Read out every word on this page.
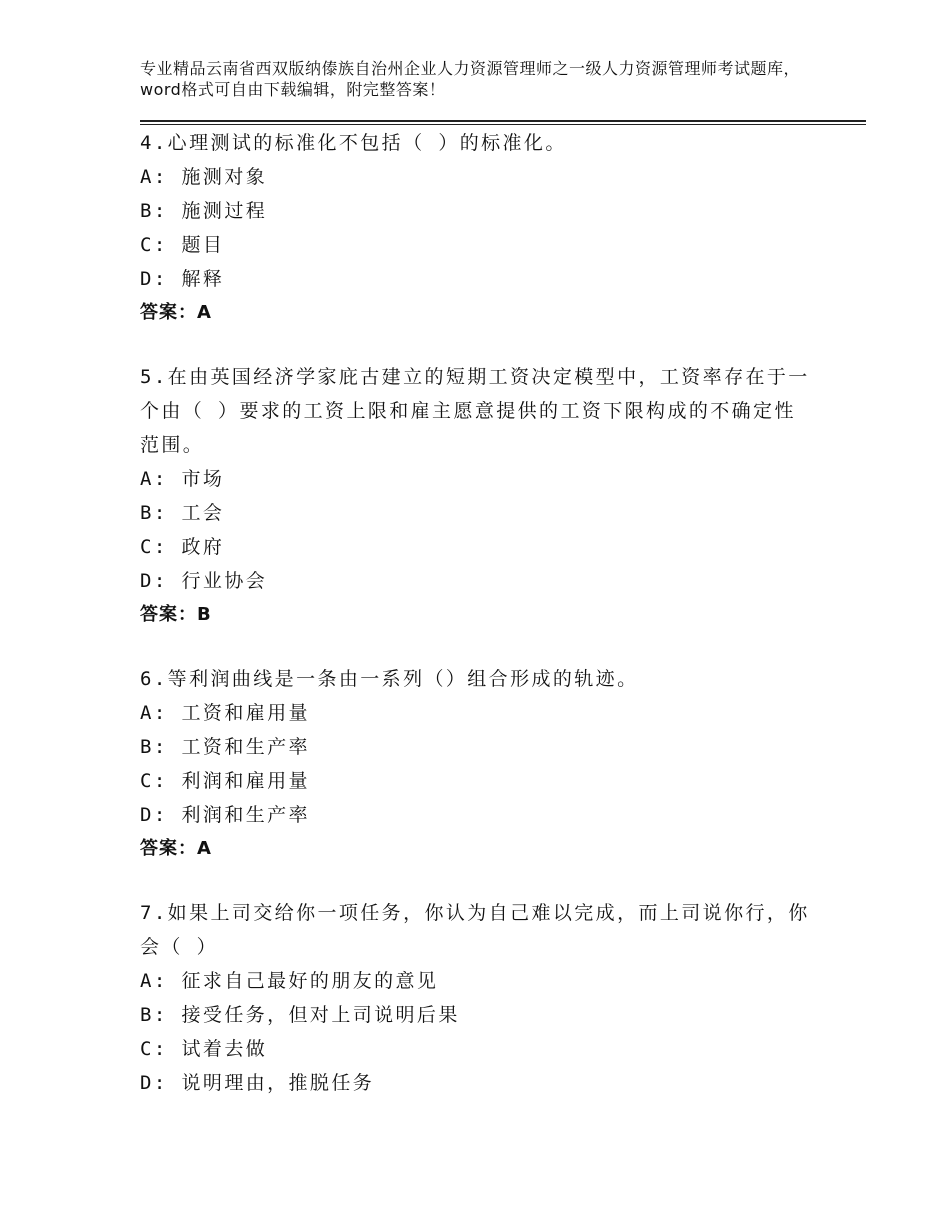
专业精品云南省西双版纳傣族自治州企业人力资源管理师之一级人力资源管理师考试题库，word格式可自由下载编辑，附完整答案！
4.心理测试的标准化不包括（ ）的标准化。
A: 施测对象
B: 施测过程
C: 题目
D: 解释
答案：A
5.在由英国经济学家庇古建立的短期工资决定模型中，工资率存在于一个由（ ）要求的工资上限和雇主愿意提供的工资下限构成的不确定性范围。
A: 市场
B: 工会
C: 政府
D: 行业协会
答案：B
6.等利润曲线是一条由一系列（）组合形成的轨迹。
A: 工资和雇用量
B: 工资和生产率
C: 利润和雇用量
D: 利润和生产率
答案：A
7.如果上司交给你一项任务，你认为自己难以完成，而上司说你行，你会（ ）
A: 征求自己最好的朋友的意见
B: 接受任务，但对上司说明后果
C: 试着去做
D: 说明理由，推脱任务
